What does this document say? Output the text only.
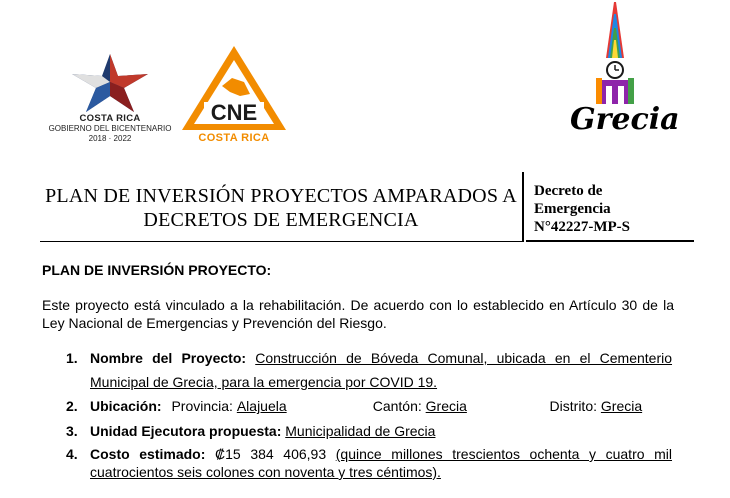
COSTA RICA
GOBIERNO DEL BICENTENARIO
2018 · 2022
CNE
COSTA RICA
Grecia
PLAN DE INVERSIÓN PROYECTOS AMPARADOS A
DECRETOS DE EMERGENCIA
Decreto de
Emergencia
N°42227-MP-S
PLAN DE INVERSIÓN PROYECTO:
Este proyecto está vinculado a la rehabilitación. De acuerdo con lo establecido en Artículo 30 de la Ley Nacional de Emergencias y Prevención del Riesgo.
1. Nombre del Proyecto: Construcción de Bóveda Comunal, ubicada en el Cementerio Municipal de Grecia, para la emergencia por COVID 19.
2. Ubicación: Provincia: Alajuela	Cantón: Grecia	Distrito: Grecia
3. Unidad Ejecutora propuesta: Municipalidad de Grecia
4. Costo estimado: ₡15 384 406,93 (quince millones trescientos ochenta y cuatro mil cuatrocientos seis colones con noventa y tres céntimos).
